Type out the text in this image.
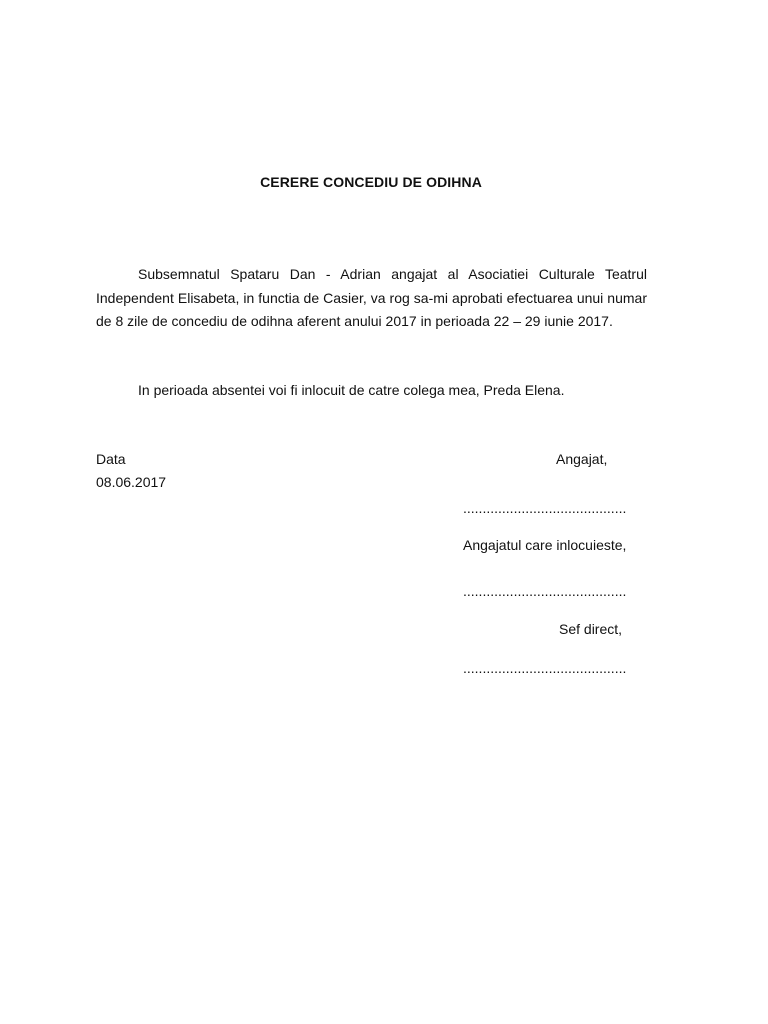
CERERE CONCEDIU DE ODIHNA

Subsemnatul Spataru Dan - Adrian angajat al Asociatiei Culturale Teatrul Independent Elisabeta, in functia de Casier, va rog sa-mi aprobati efectuarea unui numar de 8 zile de concediu de odihna aferent anului 2017 in perioada 22 – 29 iunie 2017.

In perioada absentei voi fi inlocuit de catre colega mea, Preda Elena.

Data

08.06.2017

Angajat,

..........................................

Angajatul care inlocuieste,

..........................................

Sef direct,

..........................................
